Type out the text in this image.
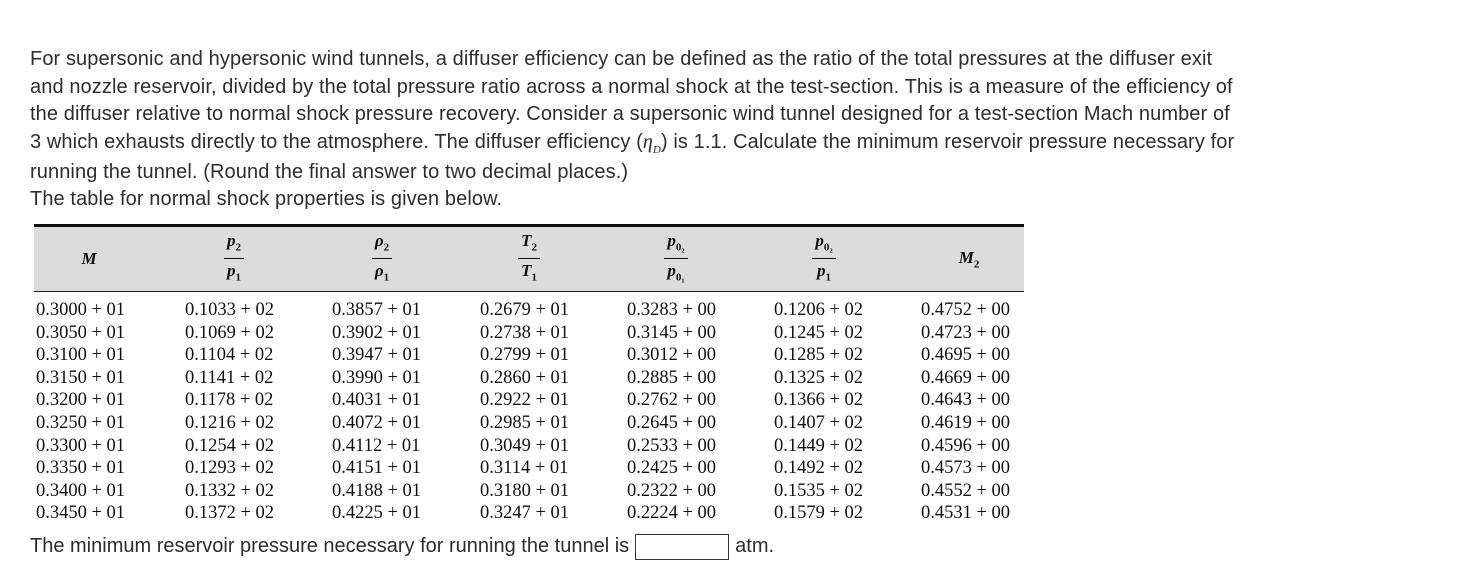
For supersonic and hypersonic wind tunnels, a diffuser efficiency can be defined as the ratio of the total pressures at the diffuser exit
and nozzle reservoir, divided by the total pressure ratio across a normal shock at the test-section. This is a measure of the efficiency of
the diffuser relative to normal shock pressure recovery. Consider a supersonic wind tunnel designed for a test-section Mach number of
3 which exhausts directly to the atmosphere. The diffuser efficiency $(\eta_D)$ is 1.1. Calculate the minimum reservoir pressure necessary for
running the tunnel. (Round the final answer to two decimal places.)
The table for normal shock properties is given below.
M	$\frac{p_2}{p_1}$	$\frac{\rho_2}{\rho_1}$	$\frac{T_2}{T_1}$	$\frac{p_{0_2}}{p_{0_1}}$	$\frac{p_{0_2}}{p_1}$	$M_2$
0.3000 + 01	0.1033 + 02	0.3857 + 01	0.2679 + 01	0.3283 + 00	0.1206 + 02	0.4752 + 00
0.3050 + 01	0.1069 + 02	0.3902 + 01	0.2738 + 01	0.3145 + 00	0.1245 + 02	0.4723 + 00
0.3100 + 01	0.1104 + 02	0.3947 + 01	0.2799 + 01	0.3012 + 00	0.1285 + 02	0.4695 + 00
0.3150 + 01	0.1141 + 02	0.3990 + 01	0.2860 + 01	0.2885 + 00	0.1325 + 02	0.4669 + 00
0.3200 + 01	0.1178 + 02	0.4031 + 01	0.2922 + 01	0.2762 + 00	0.1366 + 02	0.4643 + 00
0.3250 + 01	0.1216 + 02	0.4072 + 01	0.2985 + 01	0.2645 + 00	0.1407 + 02	0.4619 + 00
0.3300 + 01	0.1254 + 02	0.4112 + 01	0.3049 + 01	0.2533 + 00	0.1449 + 02	0.4596 + 00
0.3350 + 01	0.1293 + 02	0.4151 + 01	0.3114 + 01	0.2425 + 00	0.1492 + 02	0.4573 + 00
0.3400 + 01	0.1332 + 02	0.4188 + 01	0.3180 + 01	0.2322 + 00	0.1535 + 02	0.4552 + 00
0.3450 + 01	0.1372 + 02	0.4225 + 01	0.3247 + 01	0.2224 + 00	0.1579 + 02	0.4531 + 00
The minimum reservoir pressure necessary for running the tunnel is	atm.
